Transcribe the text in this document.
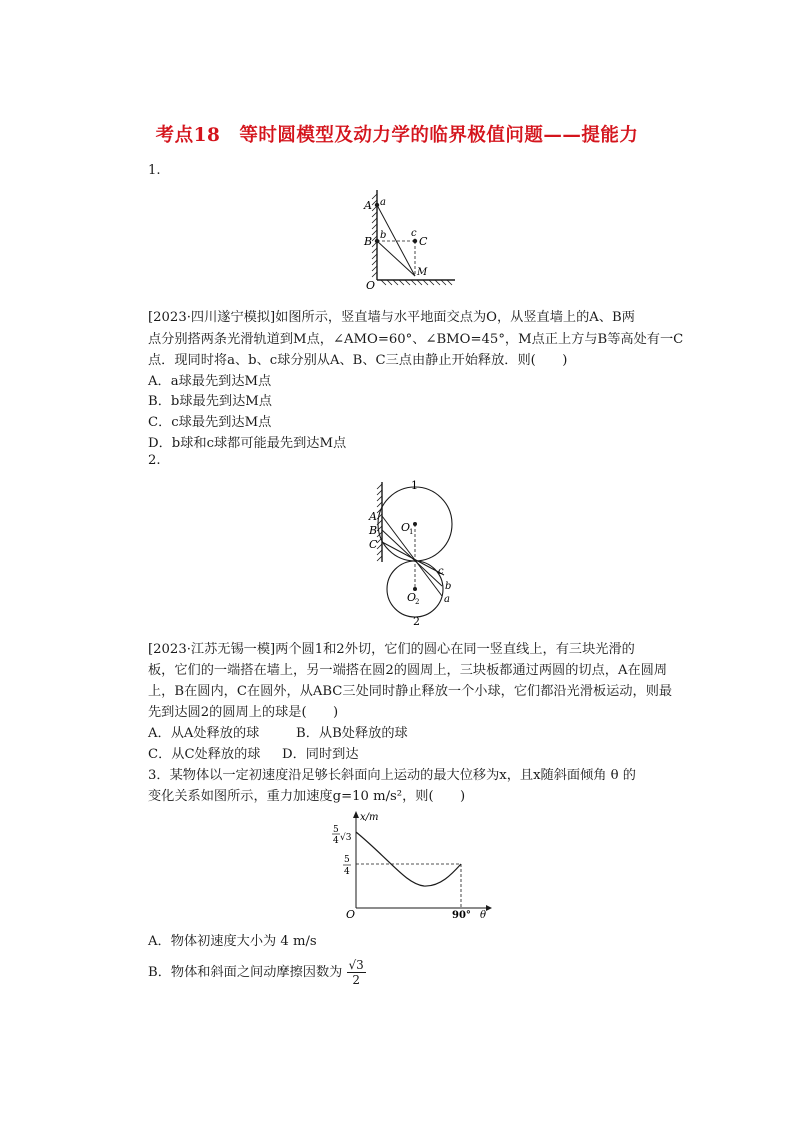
考点18　等时圆模型及动力学的临界极值问题——提能力
1.
A a
B b c
C
O
M
[2023·四川遂宁模拟]如图所示，竖直墙与水平地面交点为O，从竖直墙上的A、B两
点分别搭两条光滑轨道到M点，∠AMO=60°、∠BMO=45°，M点正上方与B等高处有一C
点．现同时将a、b、c球分别从A、B、C三点由静止开始释放．则(　　)
A．a球最先到达M点
B．b球最先到达M点
C．c球最先到达M点
D．b球和c球都可能最先到达M点
2.
1
2
A
B
C
O
1
O
2 a
b
c
[2023·江苏无锡一模]两个圆1和2外切，它们的圆心在同一竖直线上，有三块光滑的
板，它们的一端搭在墙上，另一端搭在圆2的圆周上，三块板都通过两圆的切点，A在圆周
上，B在圆内，C在圆外，从ABC三处同时静止释放一个小球，它们都沿光滑板运动，则最
先到达圆2的圆周上的球是(　　)
A．从A处释放的球	B．从B处释放的球
C．从C处释放的球 D．同时到达
3．某物体以一定初速度沿足够长斜面向上运动的最大位移为x，且x随斜面倾角 θ 的
变化关系如图所示，重力加速度g=10 m/s²，则(　　)
x/m
θ
O	90°
5
4 √3
5
4
A．物体初速度大小为 4 m/s
B．物体和斜面之间动摩擦因数为 $\frac{√3}{2}$
